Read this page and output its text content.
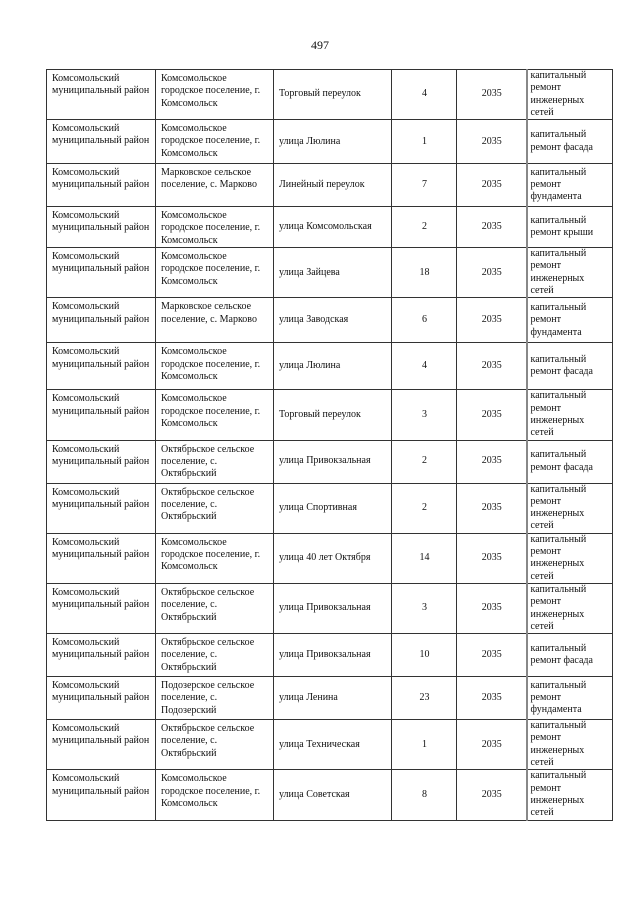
497
Комсомольский муниципальный район	Комсомольское городское поселение, г. Комсомольск	Торговый переулок	4	2035	капитальный ремонт инженерных сетей
Комсомольский муниципальный район	Комсомольское городское поселение, г. Комсомольск	улица Люлина	1	2035	капитальный ремонт фасада
Комсомольский муниципальный район	Марковское сельское поселение, с. Марково	Линейный переулок	7	2035	капитальный ремонт фундамента
Комсомольский муниципальный район	Комсомольское городское поселение, г. Комсомольск	улица Комсомольская	2	2035	капитальный ремонт крыши
Комсомольский муниципальный район	Комсомольское городское поселение, г. Комсомольск	улица Зайцева	18	2035	капитальный ремонт инженерных сетей
Комсомольский муниципальный район	Марковское сельское поселение, с. Марково	улица Заводская	6	2035	капитальный ремонт фундамента
Комсомольский муниципальный район	Комсомольское городское поселение, г. Комсомольск	улица Люлина	4	2035	капитальный ремонт фасада
Комсомольский муниципальный район	Комсомольское городское поселение, г. Комсомольск	Торговый переулок	3	2035	капитальный ремонт инженерных сетей
Комсомольский муниципальный район	Октябрьское сельское поселение, с. Октябрьский	улица Привокзальная	2	2035	капитальный ремонт фасада
Комсомольский муниципальный район	Октябрьское сельское поселение, с. Октябрьский	улица Спортивная	2	2035	капитальный ремонт инженерных сетей
Комсомольский муниципальный район	Комсомольское городское поселение, г. Комсомольск	улица 40 лет Октября	14	2035	капитальный ремонт инженерных сетей
Комсомольский муниципальный район	Октябрьское сельское поселение, с. Октябрьский	улица Привокзальная	3	2035	капитальный ремонт инженерных сетей
Комсомольский муниципальный район	Октябрьское сельское поселение, с. Октябрьский	улица Привокзальная	10	2035	капитальный ремонт фасада
Комсомольский муниципальный район	Подозерское сельское поселение, с. Подозерский	улица Ленина	23	2035	капитальный ремонт фундамента
Комсомольский муниципальный район	Октябрьское сельское поселение, с. Октябрьский	улица Техническая	1	2035	капитальный ремонт инженерных сетей
Комсомольский муниципальный район	Комсомольское городское поселение, г. Комсомольск	улица Советская	8	2035	капитальный ремонт инженерных сетей
